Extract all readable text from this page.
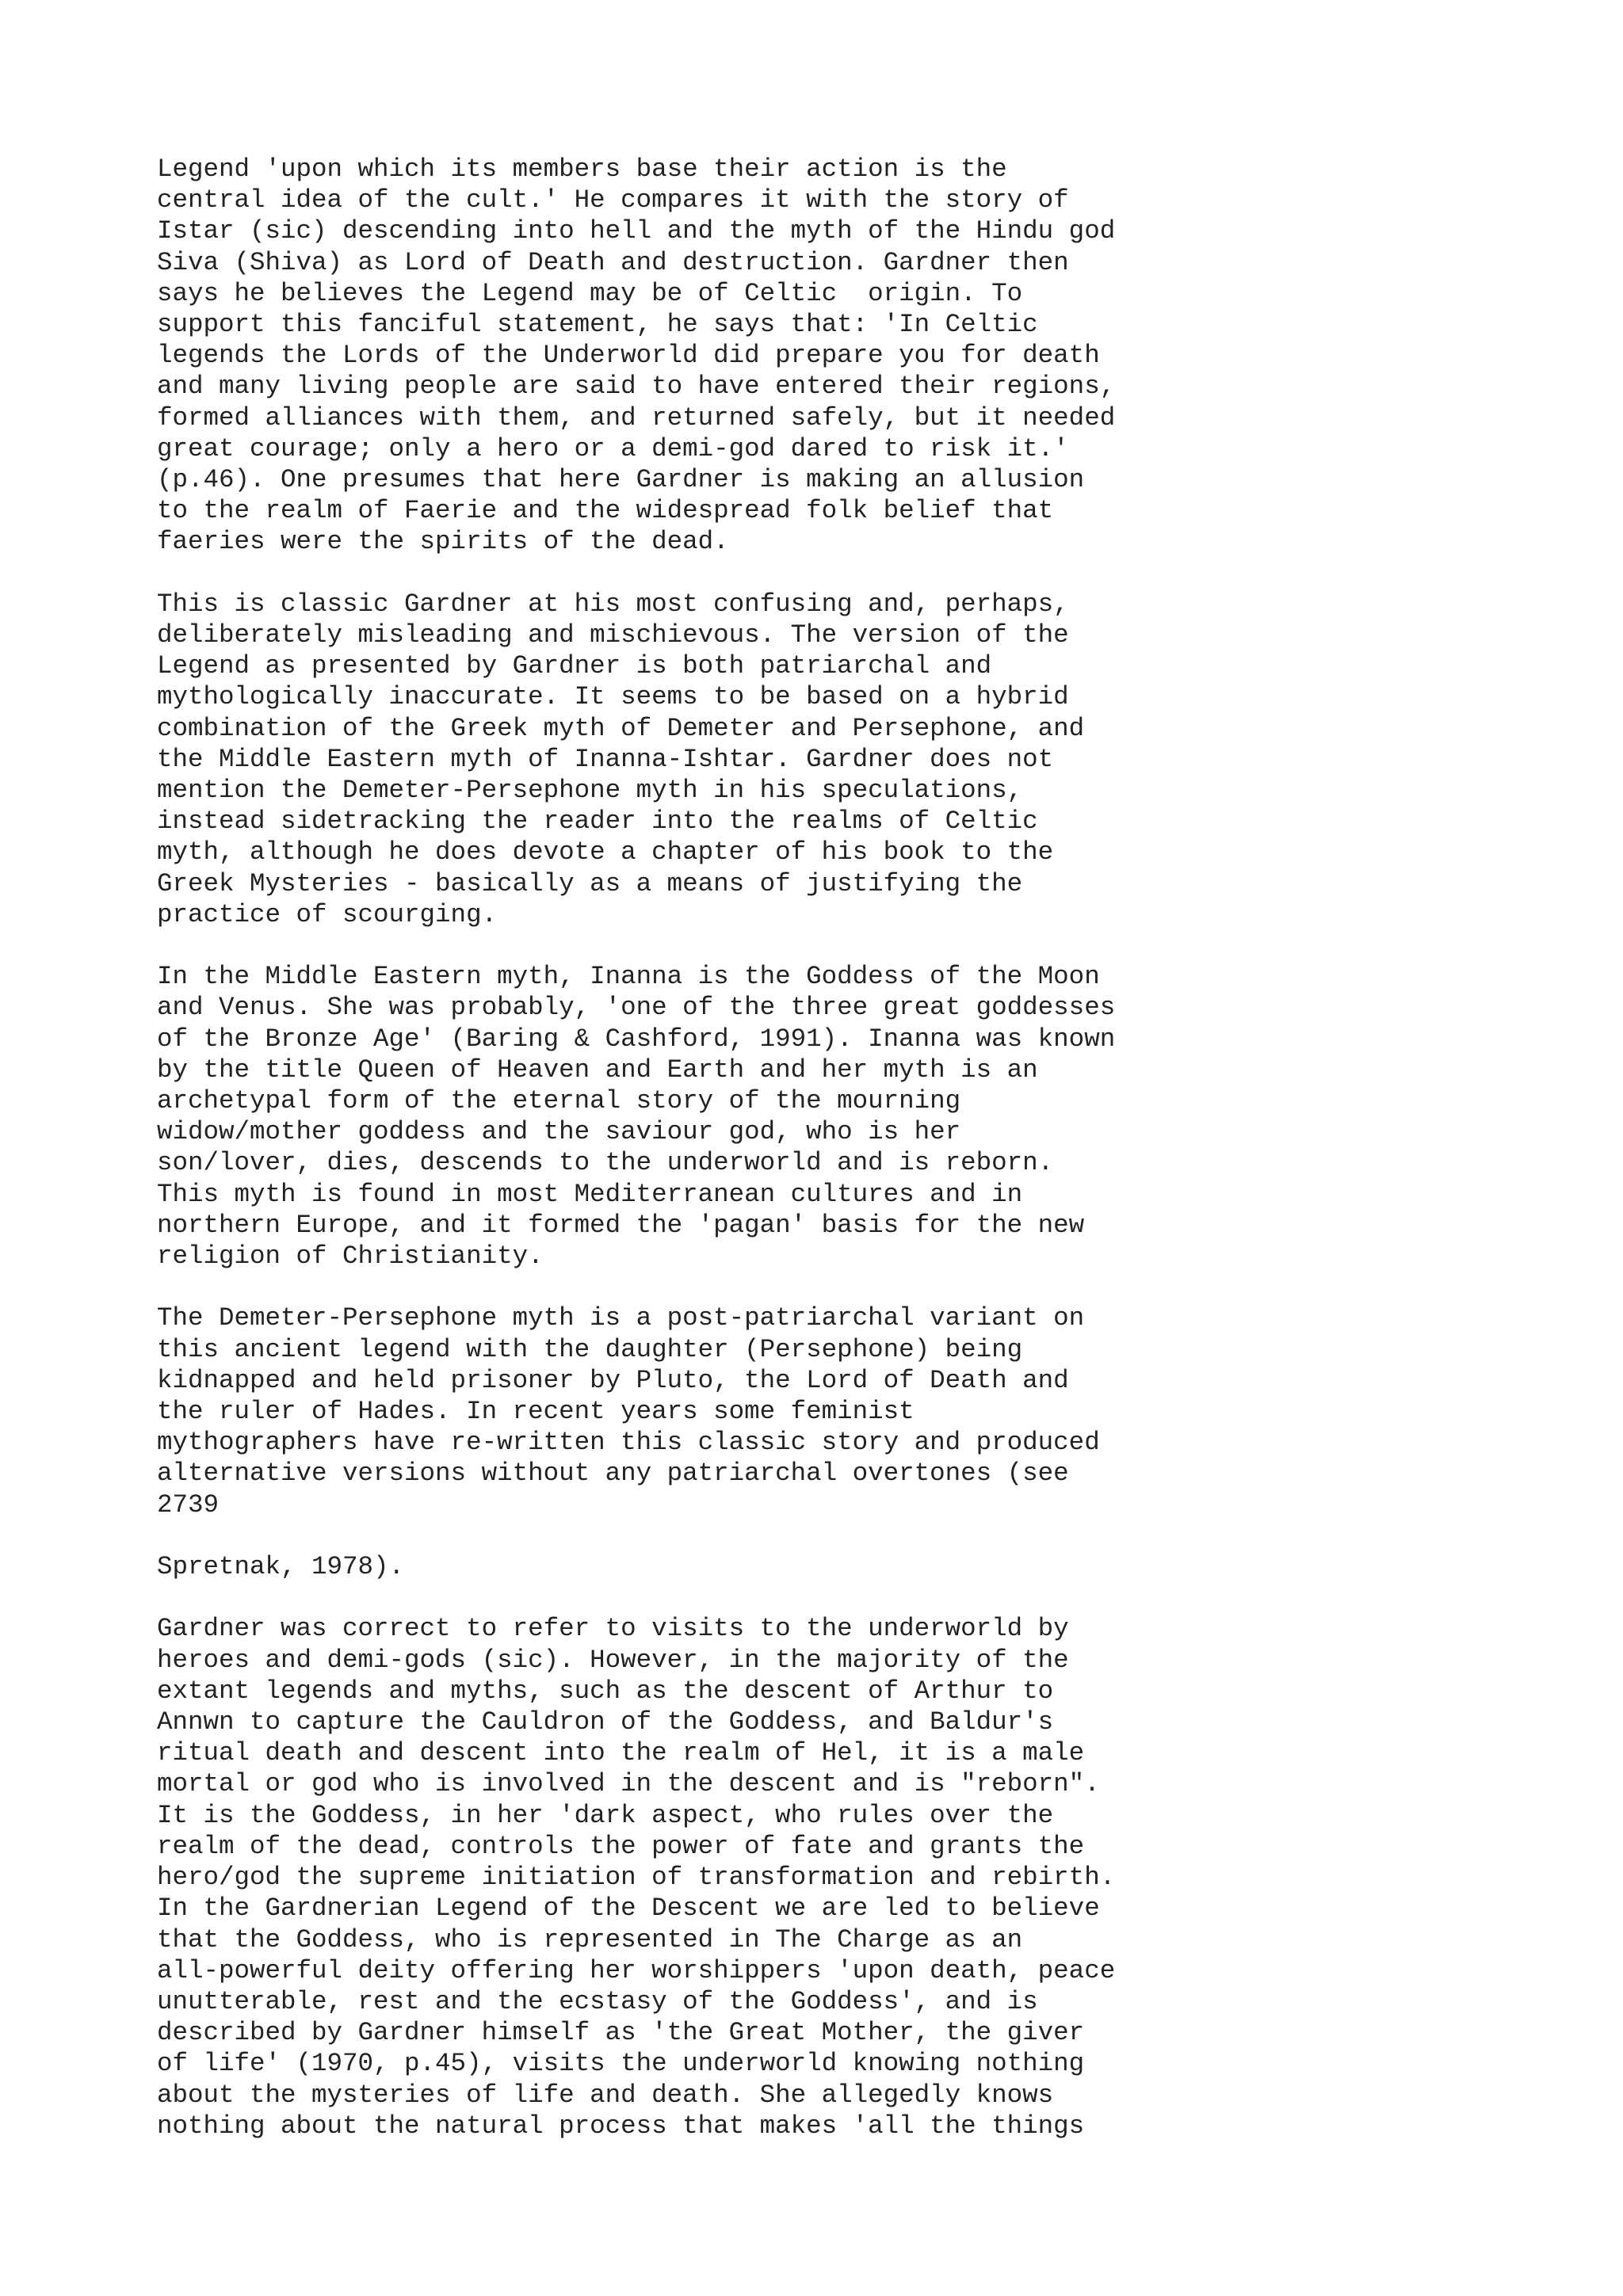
Legend 'upon which its members base their action is the
central idea of the cult.' He compares it with the story of
Istar (sic) descending into hell and the myth of the Hindu god
Siva (Shiva) as Lord of Death and destruction. Gardner then
says he believes the Legend may be of Celtic  origin. To
support this fanciful statement, he says that: 'In Celtic
legends the Lords of the Underworld did prepare you for death
and many living people are said to have entered their regions,
formed alliances with them, and returned safely, but it needed
great courage; only a hero or a demi-god dared to risk it.'
(p.46). One presumes that here Gardner is making an allusion
to the realm of Faerie and the widespread folk belief that
faeries were the spirits of the dead.

This is classic Gardner at his most confusing and, perhaps,
deliberately misleading and mischievous. The version of the
Legend as presented by Gardner is both patriarchal and
mythologically inaccurate. It seems to be based on a hybrid
combination of the Greek myth of Demeter and Persephone, and
the Middle Eastern myth of Inanna-Ishtar. Gardner does not
mention the Demeter-Persephone myth in his speculations,
instead sidetracking the reader into the realms of Celtic
myth, although he does devote a chapter of his book to the
Greek Mysteries - basically as a means of justifying the
practice of scourging.

In the Middle Eastern myth, Inanna is the Goddess of the Moon
and Venus. She was probably, 'one of the three great goddesses
of the Bronze Age' (Baring & Cashford, 1991). Inanna was known
by the title Queen of Heaven and Earth and her myth is an
archetypal form of the eternal story of the mourning
widow/mother goddess and the saviour god, who is her
son/lover, dies, descends to the underworld and is reborn.
This myth is found in most Mediterranean cultures and in
northern Europe, and it formed the 'pagan' basis for the new
religion of Christianity.

The Demeter-Persephone myth is a post-patriarchal variant on
this ancient legend with the daughter (Persephone) being
kidnapped and held prisoner by Pluto, the Lord of Death and
the ruler of Hades. In recent years some feminist
mythographers have re-written this classic story and produced
alternative versions without any patriarchal overtones (see
2739

Spretnak, 1978).

Gardner was correct to refer to visits to the underworld by
heroes and demi-gods (sic). However, in the majority of the
extant legends and myths, such as the descent of Arthur to
Annwn to capture the Cauldron of the Goddess, and Baldur's
ritual death and descent into the realm of Hel, it is a male
mortal or god who is involved in the descent and is "reborn".
It is the Goddess, in her 'dark aspect, who rules over the
realm of the dead, controls the power of fate and grants the
hero/god the supreme initiation of transformation and rebirth.
In the Gardnerian Legend of the Descent we are led to believe
that the Goddess, who is represented in The Charge as an
all-powerful deity offering her worshippers 'upon death, peace
unutterable, rest and the ecstasy of the Goddess', and is
described by Gardner himself as 'the Great Mother, the giver
of life' (1970, p.45), visits the underworld knowing nothing
about the mysteries of life and death. She allegedly knows
nothing about the natural process that makes 'all the things
